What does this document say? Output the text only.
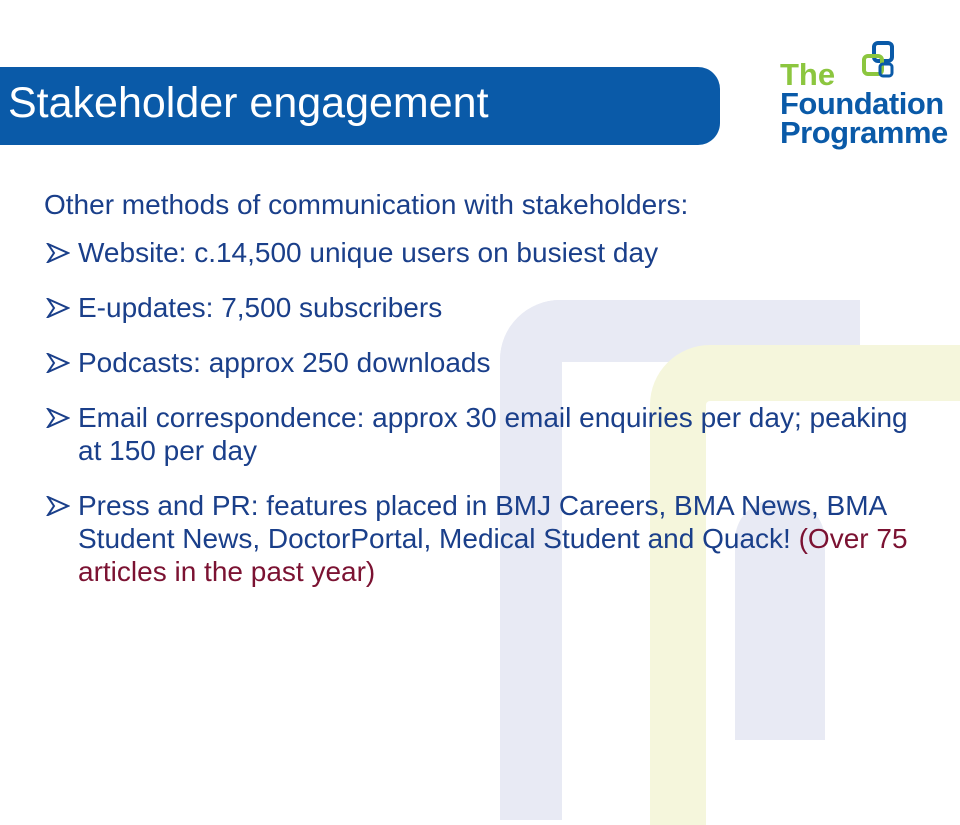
Stakeholder engagement
The
Foundation
Programme

Other methods of communication with stakeholders:

Website: c.14,500 unique users on busiest day
E-updates: 7,500 subscribers
Podcasts: approx 250 downloads
Email correspondence: approx 30 email enquiries per day; peaking at 150 per day
Press and PR: features placed in BMJ Careers, BMA News, BMA Student News, DoctorPortal, Medical Student and Quack! (Over 75 articles in the past year)
